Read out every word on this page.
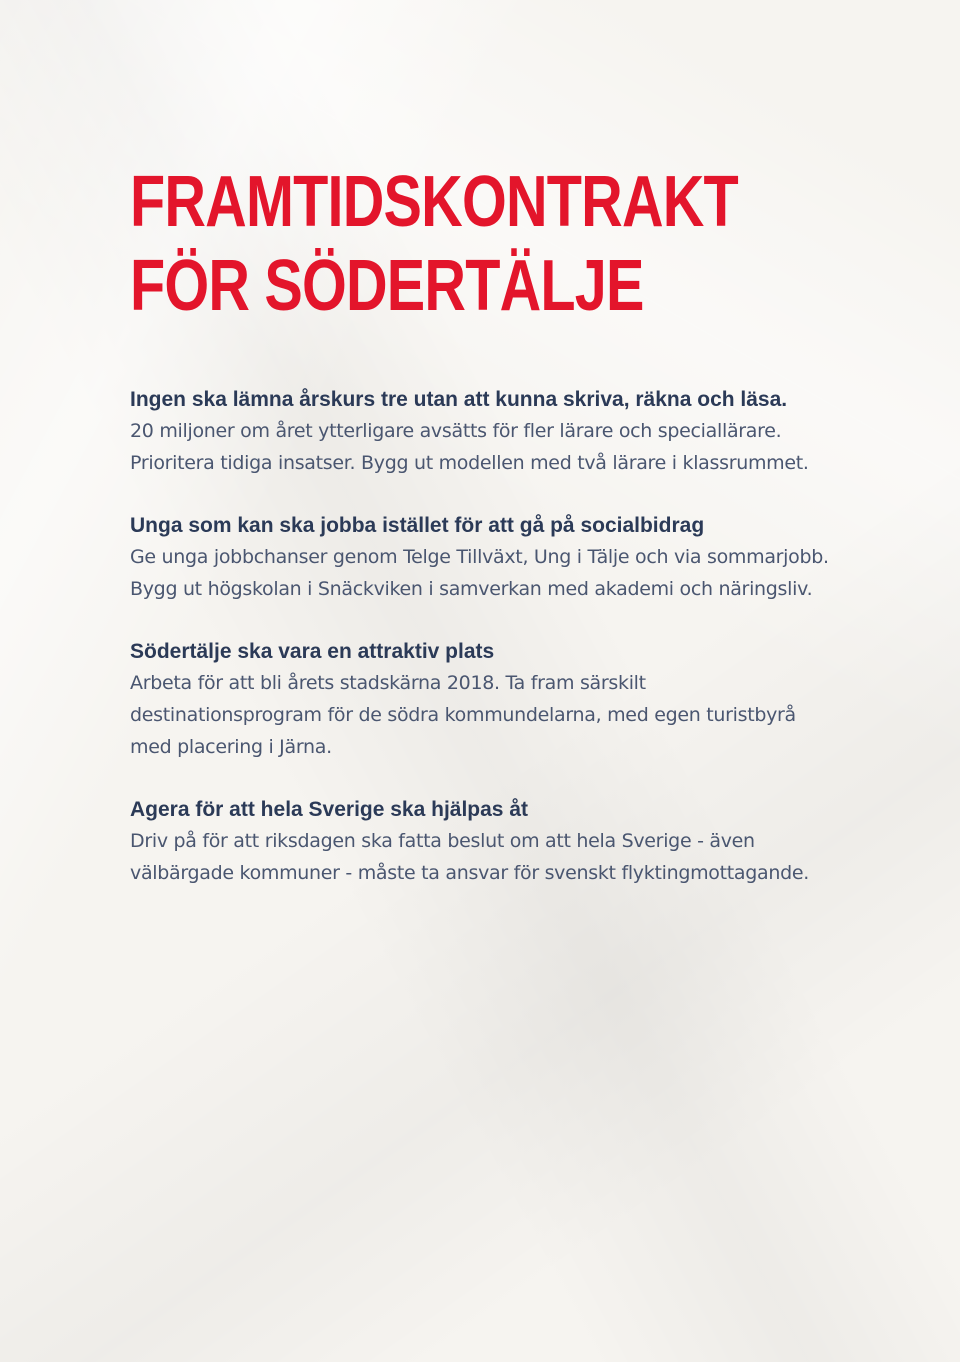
FRAMTIDSKONTRAKT
FÖR SÖDERTÄLJE

Ingen ska lämna årskurs tre utan att kunna skriva, räkna och läsa.

20 miljoner om året ytterligare avsätts för fler lärare och speciallärare. Prioritera tidiga insatser. Bygg ut modellen med två lärare i klassrummet.

Unga som kan ska jobba istället för att gå på socialbidrag

Ge unga jobbchanser genom Telge Tillväxt, Ung i Tälje och via sommarjobb. Bygg ut högskolan i Snäckviken i samverkan med akademi och näringsliv.

Södertälje ska vara en attraktiv plats

Arbeta för att bli årets stadskärna 2018. Ta fram särskilt destinationsprogram för de södra kommundelarna, med egen turistbyrå med placering i Järna.

Agera för att hela Sverige ska hjälpas åt

Driv på för att riksdagen ska fatta beslut om att hela Sverige - även välbärgade kommuner - måste ta ansvar för svenskt flyktingmottagande.
